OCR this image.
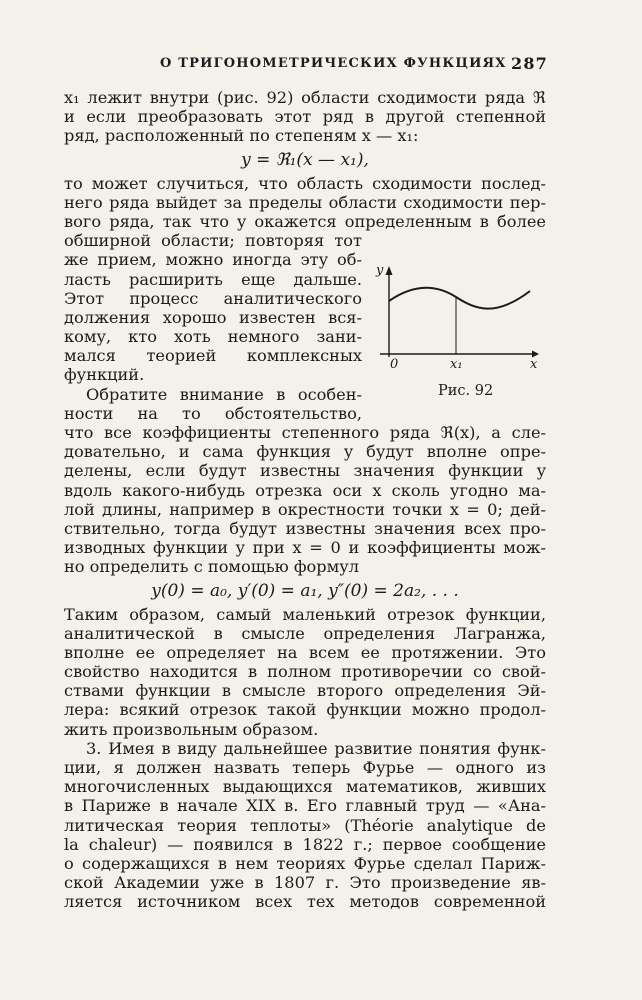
О ТРИГОНОМЕТРИЧЕСКИХ ФУНКЦИЯХ 287
x₁ лежит внутри (рис. 92) области сходимости ряда ℜ
и если преобразовать этот ряд в другой степенной
ряд, расположенный по степеням x — x₁:
y = ℜ₁(x — x₁),
то может случиться, что область сходимости послед-
него ряда выйдет за пределы области сходимости пер-
вого ряда, так что y окажется определенным в более
обширной области; повторяя тот
же прием, можно иногда эту об-
ласть расширить еще дальше.
Этот процесс аналитического
должения хорошо известен вся-
кому, кто хоть немного зани-
мался теорией комплексных
функций.
Обратите внимание в особен-
ности на то обстоятельство,
что все коэффициенты степенного ряда ℜ(x), а сле-
довательно, и сама функция y будут вполне опре-
делены, если будут известны значения функции y
вдоль какого-нибудь отрезка оси x сколь угодно ма-
лой длины, например в окрестности точки x = 0; дей-
ствительно, тогда будут известны значения всех про-
изводных функции y при x = 0 и коэффициенты мож-
но определить с помощью формул
y(0) = a₀, y′(0) = a₁, y″(0) = 2a₂, . . .
Таким образом, самый маленький отрезок функции,
аналитической в смысле определения Лагранжа,
вполне ее определяет на всем ее протяжении. Это
свойство находится в полном противоречии со свой-
ствами функции в смысле второго определения Эй-
лера: всякий отрезок такой функции можно продол-
жить произвольным образом.
3. Имея в виду дальнейшее развитие понятия функ-
ции, я должен назвать теперь Фурье — одного из
многочисленных выдающихся математиков, живших
в Париже в начале XIX в. Его главный труд — «Ана-
литическая теория теплоты» (Théorie analytique de
la chaleur) — появился в 1822 г.; первое сообщение
о содержащихся в нем теориях Фурье сделал Париж-
ской Академии уже в 1807 г. Это произведение яв-
ляется источником всех тех методов современной
y
x
0	x₁
Рис. 92
